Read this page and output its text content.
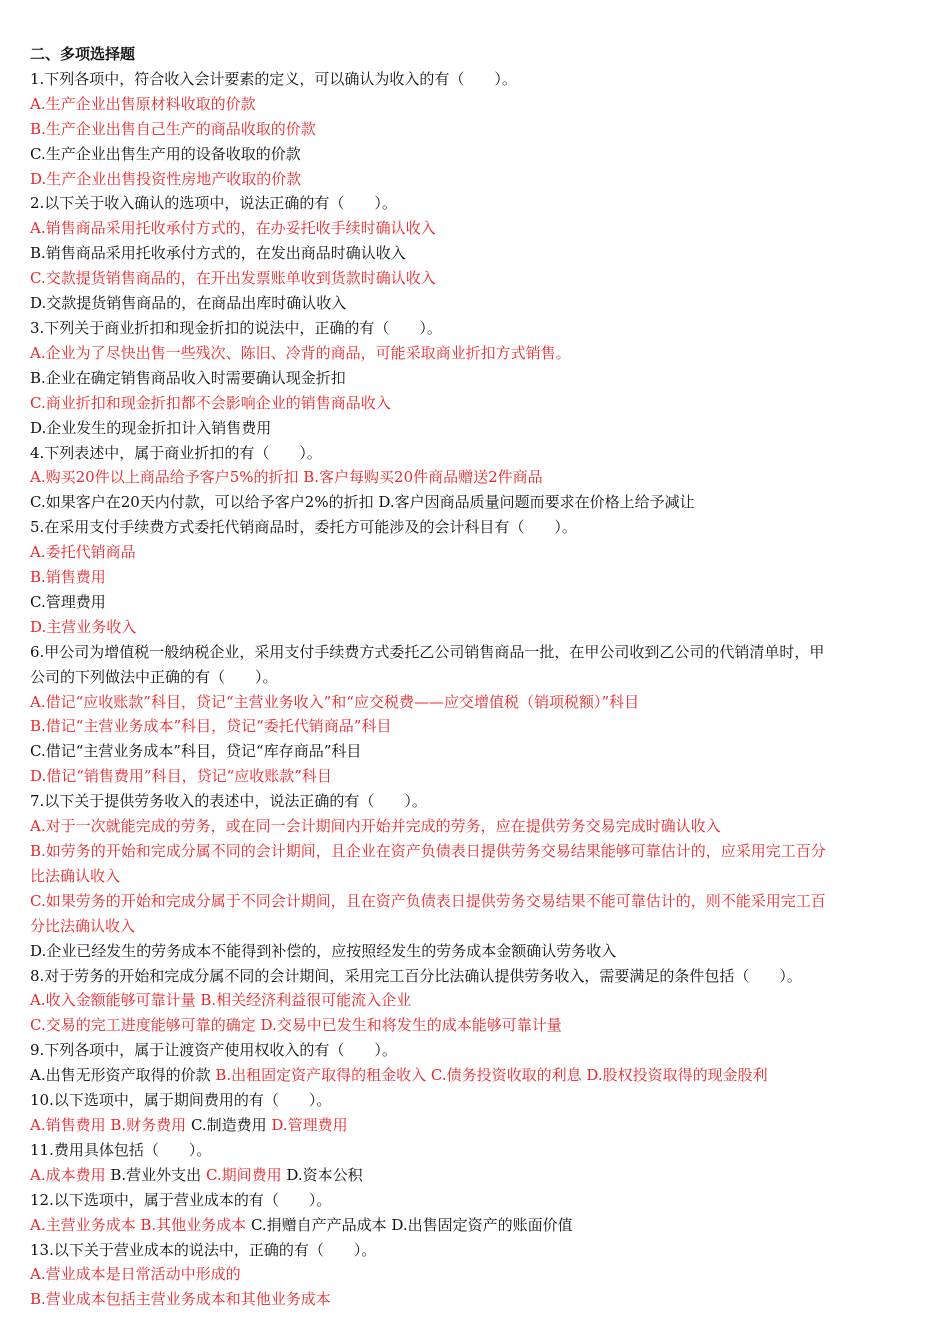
二、多项选择题
1.下列各项中，符合收入会计要素的定义，可以确认为收入的有（　　）。
A.生产企业出售原材料收取的价款
B.生产企业出售自己生产的商品收取的价款
C.生产企业出售生产用的设备收取的价款
D.生产企业出售投资性房地产收取的价款
2.以下关于收入确认的选项中，说法正确的有（　　）。
A.销售商品采用托收承付方式的，在办妥托收手续时确认收入
B.销售商品采用托收承付方式的，在发出商品时确认收入
C.交款提货销售商品的，在开出发票账单收到货款时确认收入
D.交款提货销售商品的，在商品出库时确认收入
3.下列关于商业折扣和现金折扣的说法中，正确的有（　　）。
A.企业为了尽快出售一些残次、陈旧、冷背的商品，可能采取商业折扣方式销售。
B.企业在确定销售商品收入时需要确认现金折扣
C.商业折扣和现金折扣都不会影响企业的销售商品收入
D.企业发生的现金折扣计入销售费用
4.下列表述中，属于商业折扣的有（　　）。
A.购买20件以上商品给予客户5%的折扣 B.客户每购买20件商品赠送2件商品
C.如果客户在20天内付款，可以给予客户2%的折扣 D.客户因商品质量问题而要求在价格上给予减让
5.在采用支付手续费方式委托代销商品时，委托方可能涉及的会计科目有（　　）。
A.委托代销商品
B.销售费用
C.管理费用
D.主营业务收入
6.甲公司为增值税一般纳税企业，采用支付手续费方式委托乙公司销售商品一批，在甲公司收到乙公司的代销清单时，甲
公司的下列做法中正确的有（　　）。
A.借记“应收账款”科目，贷记“主营业务收入”和“应交税费——应交增值税（销项税额）”科目
B.借记“主营业务成本”科目，贷记“委托代销商品”科目
C.借记“主营业务成本”科目，贷记“库存商品”科目
D.借记“销售费用”科目，贷记“应收账款”科目
7.以下关于提供劳务收入的表述中，说法正确的有（　　）。
A.对于一次就能完成的劳务，或在同一会计期间内开始并完成的劳务，应在提供劳务交易完成时确认收入
B.如劳务的开始和完成分属不同的会计期间，且企业在资产负债表日提供劳务交易结果能够可靠估计的，应采用完工百分
比法确认收入
C.如果劳务的开始和完成分属于不同会计期间，且在资产负债表日提供劳务交易结果不能可靠估计的，则不能采用完工百
分比法确认收入
D.企业已经发生的劳务成本不能得到补偿的，应按照经发生的劳务成本金额确认劳务收入
8.对于劳务的开始和完成分属不同的会计期间，采用完工百分比法确认提供劳务收入，需要满足的条件包括（　　）。
A.收入金额能够可靠计量 B.相关经济利益很可能流入企业
C.交易的完工进度能够可靠的确定 D.交易中已发生和将发生的成本能够可靠计量
9.下列各项中，属于让渡资产使用权收入的有（　　）。
A.出售无形资产取得的价款 B.出租固定资产取得的租金收入 C.债务投资收取的利息 D.股权投资取得的现金股利
10.以下选项中，属于期间费用的有（　　）。
A.销售费用 B.财务费用 C.制造费用 D.管理费用
11.费用具体包括（　　）。
A.成本费用 B.营业外支出 C.期间费用 D.资本公积
12.以下选项中，属于营业成本的有（　　）。
A.主营业务成本 B.其他业务成本 C.捐赠自产产品成本 D.出售固定资产的账面价值
13.以下关于营业成本的说法中，正确的有（　　）。
A.营业成本是日常活动中形成的
B.营业成本包括主营业务成本和其他业务成本
